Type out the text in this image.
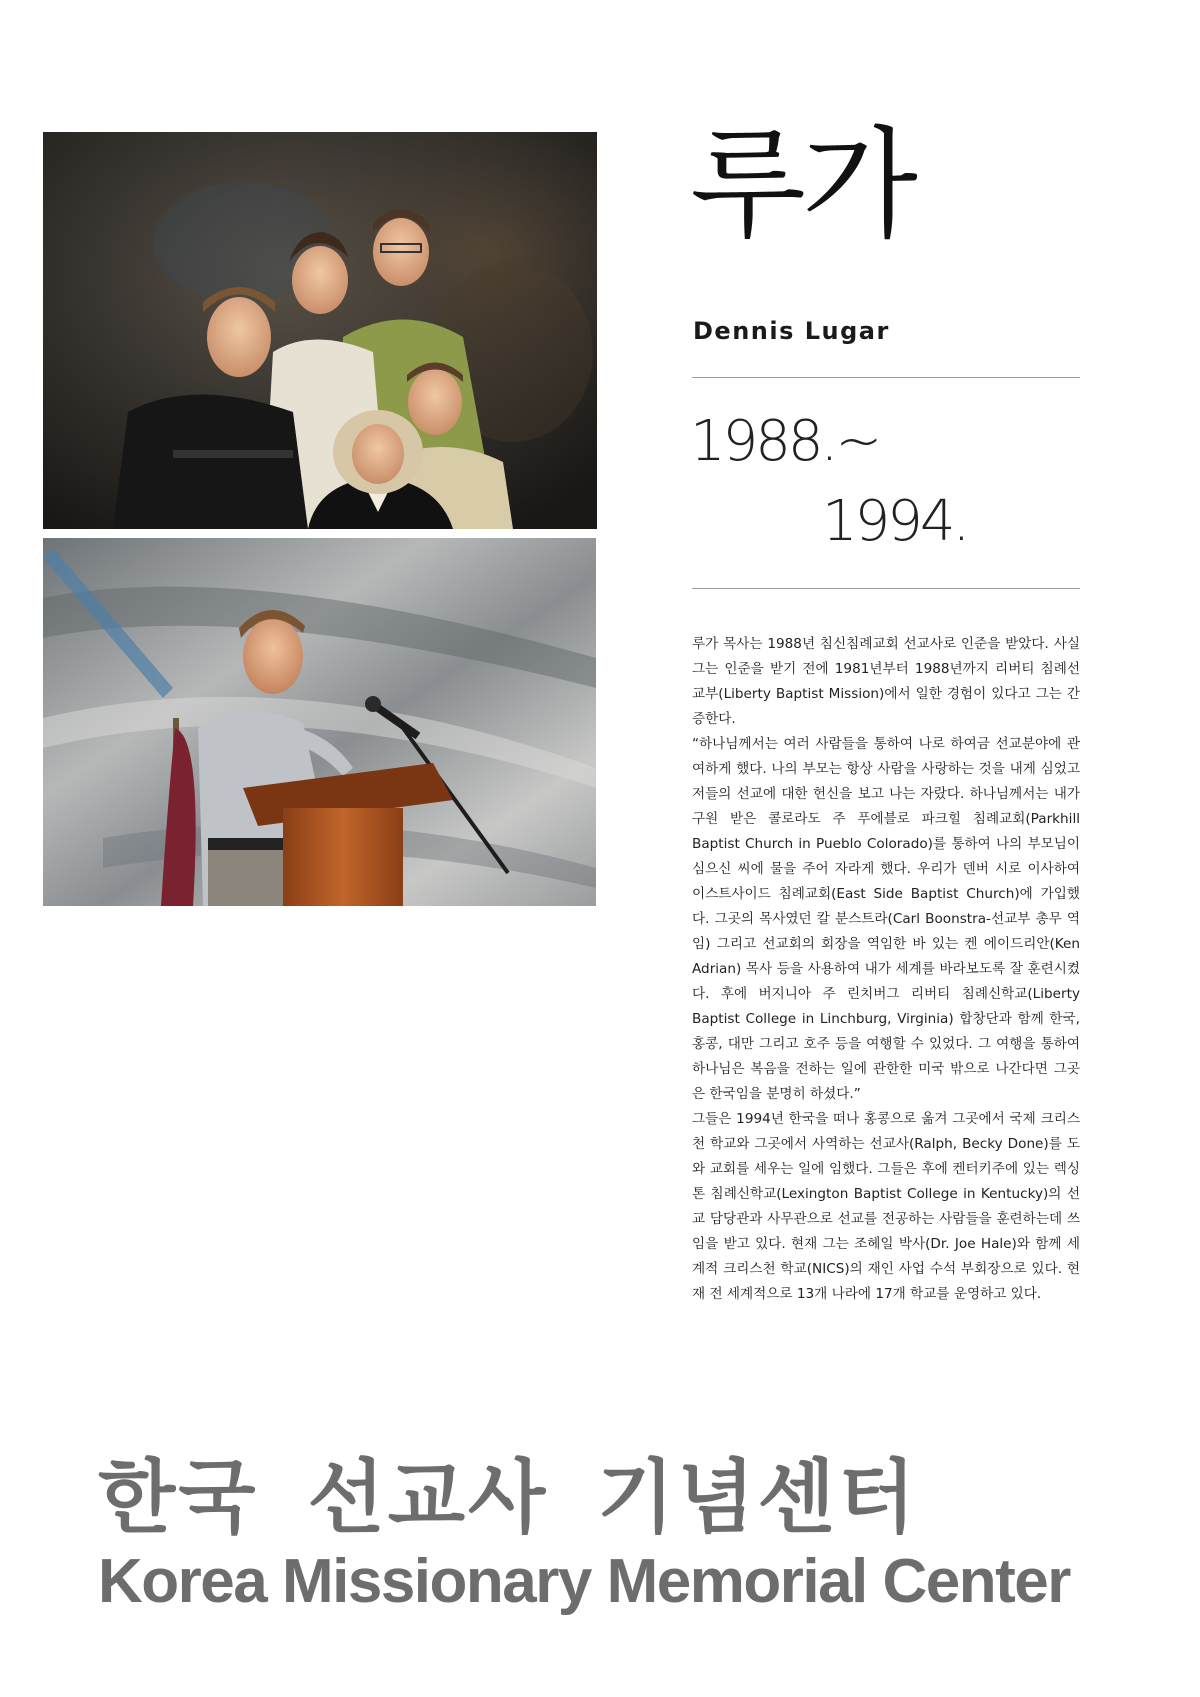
루가
Dennis Lugar
1988.~
1994.

루가 목사는 1988년 침신침례교회 선교사로 인준을 받았다. 사실 그는 인준을 받기 전에 1981년부터 1988년까지 리버티 침례선교부(Liberty Baptist Mission)에서 일한 경험이 있다고 그는 간증한다.

“하나님께서는 여러 사람들을 통하여 나로 하여금 선교분야에 관여하게 했다. 나의 부모는 항상 사람을 사랑하는 것을 내게 심었고 저들의 선교에 대한 헌신을 보고 나는 자랐다. 하나님께서는 내가 구원 받은 콜로라도 주 푸에블로 파크힐 침례교회(Parkhill Baptist Church in Pueblo Colorado)를 통하여 나의 부모님이 심으신 씨에 물을 주어 자라게 했다. 우리가 덴버 시로 이사하여 이스트사이드 침례교회(East Side Baptist Church)에 가입했다. 그곳의 목사였던 칼 분스트라(Carl Boonstra-선교부 총무 역임) 그리고 선교회의 회장을 역임한 바 있는 켄 에이드리안(Ken Adrian) 목사 등을 사용하여 내가 세계를 바라보도록 잘 훈련시켰다. 후에 버지니아 주 린치버그 리버티 침례신학교(Liberty Baptist College in Linchburg, Virginia) 합창단과 함께 한국, 홍콩, 대만 그리고 호주 등을 여행할 수 있었다. 그 여행을 통하여 하나님은 복음을 전하는 일에 관한한 미국 밖으로 나간다면 그곳은 한국임을 분명히 하셨다.”

그들은 1994년 한국을 떠나 홍콩으로 옮겨 그곳에서 국제 크리스천 학교와 그곳에서 사역하는 선교사(Ralph, Becky Done)를 도와 교회를 세우는 일에 임했다. 그들은 후에 켄터키주에 있는 렉싱톤 침례신학교(Lexington Baptist College in Kentucky)의 선교 담당관과 사무관으로 선교를 전공하는 사람들을 훈련하는데 쓰임을 받고 있다. 현재 그는 조헤일 박사(Dr. Joe Hale)와 함께 세계적 크리스천 학교(NICS)의 재인 사업 수석 부회장으로 있다. 현재 전 세계적으로 13개 나라에 17개 학교를 운영하고 있다.

한국 선교사 기념센터
Korea Missionary Memorial Center
